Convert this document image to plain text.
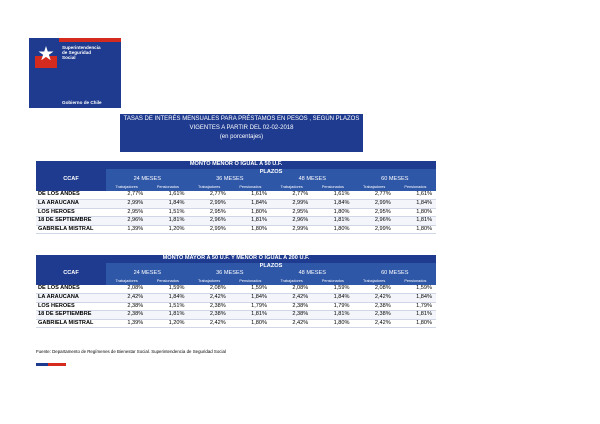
Superintendencia
de Seguridad
Social
Gobierno de Chile
TASAS DE INTERÉS MENSUALES PARA PRÉSTAMOS EN PESOS , SEGÚN PLAZOS
VIGENTES A PARTIR DEL 02-02-2018
(en porcentajes)
MONTO MENOR O IGUAL A 50 U.F.								
CCAF	PLAZOS							
	24 MESES		36 MESES		48 MESES		60 MESES	
	Trabajadores	Pensionados	Trabajadores	Pensionados	Trabajadores	Pensionados	Trabajadores	Pensionados
DE LOS ANDES	2,77%	1,61%	2,77%	1,61%	2,77%	1,61%	2,77%	1,61%
LA ARAUCANA	2,99%	1,84%	2,99%	1,84%	2,99%	1,84%	2,99%	1,84%
LOS HEROES	2,95%	1,51%	2,95%	1,80%	2,95%	1,80%	2,95%	1,80%
18 DE SEPTIEMBRE	2,96%	1,81%	2,96%	1,81%	2,96%	1,81%	2,96%	1,81%
GABRIELA MISTRAL	1,39%	1,20%	2,99%	1,80%	2,99%	1,80%	2,99%	1,80%
MONTO MAYOR A 50 U.F. Y MENOR O IGUAL A 200 U.F.								
CCAF	PLAZOS							
	24 MESES		36 MESES		48 MESES		60 MESES	
	Trabajadores	Pensionados	Trabajadores	Pensionados	Trabajadores	Pensionados	Trabajadores	Pensionados
DE LOS ANDES	2,08%	1,59%	2,08%	1,59%	2,08%	1,59%	2,08%	1,59%
LA ARAUCANA	2,42%	1,84%	2,42%	1,84%	2,42%	1,84%	2,42%	1,84%
LOS HEROES	2,38%	1,51%	2,38%	1,79%	2,38%	1,79%	2,38%	1,79%
18 DE SEPTIEMBRE	2,38%	1,81%	2,38%	1,81%	2,38%	1,81%	2,38%	1,81%
GABRIELA MISTRAL	1,39%	1,20%	2,42%	1,80%	2,42%	1,80%	2,42%	1,80%
Fuente: Departamento de Regímenes de Bienestar Social. Superintendencia de Seguridad Social
